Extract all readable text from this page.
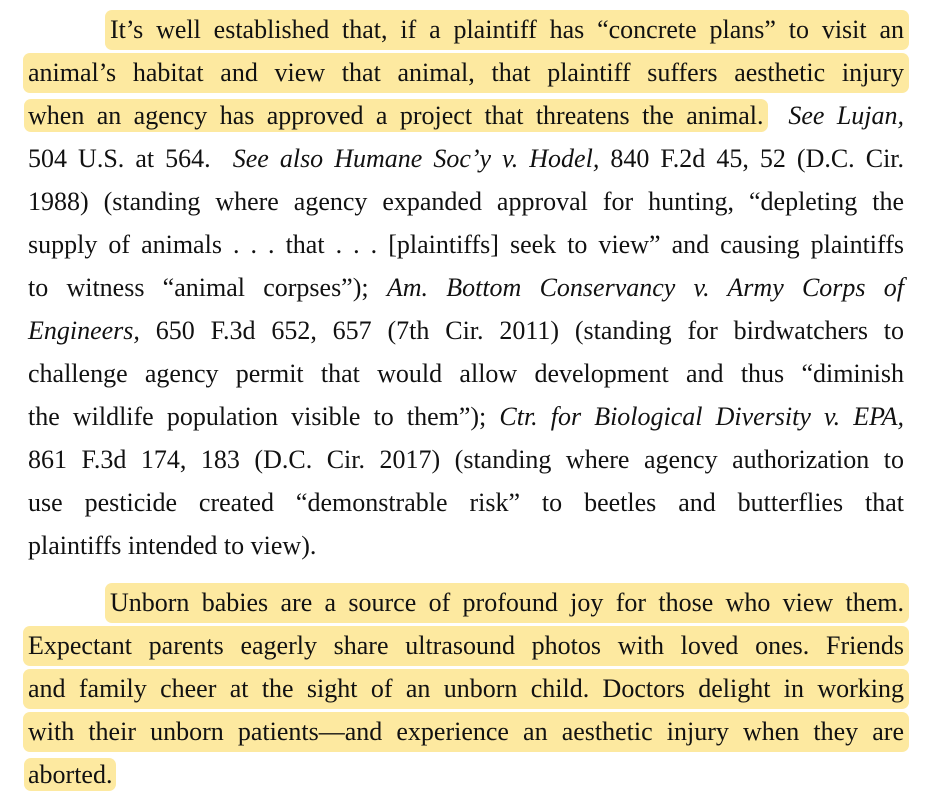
It’s well established that, if a plaintiff has “concrete plans” to visit an
animal’s habitat and view that animal, that plaintiff suffers aesthetic injury
when an agency has approved a project that threatens the animal. See Lujan,
504 U.S. at 564. See also Humane Soc’y v. Hodel, 840 F.2d 45, 52 (D.C. Cir.
1988) (standing where agency expanded approval for hunting, “depleting the
supply of animals . . . that . . . [plaintiffs] seek to view” and causing plaintiffs
to witness “animal corpses”); Am. Bottom Conservancy v. Army Corps of
Engineers, 650 F.3d 652, 657 (7th Cir. 2011) (standing for birdwatchers to
challenge agency permit that would allow development and thus “diminish
the wildlife population visible to them”); Ctr. for Biological Diversity v. EPA,
861 F.3d 174, 183 (D.C. Cir. 2017) (standing where agency authorization to
use pesticide created “demonstrable risk” to beetles and butterflies that
plaintiffs intended to view).
Unborn babies are a source of profound joy for those who view them.
Expectant parents eagerly share ultrasound photos with loved ones. Friends
and family cheer at the sight of an unborn child. Doctors delight in working
with their unborn patients—and experience an aesthetic injury when they are
aborted.
